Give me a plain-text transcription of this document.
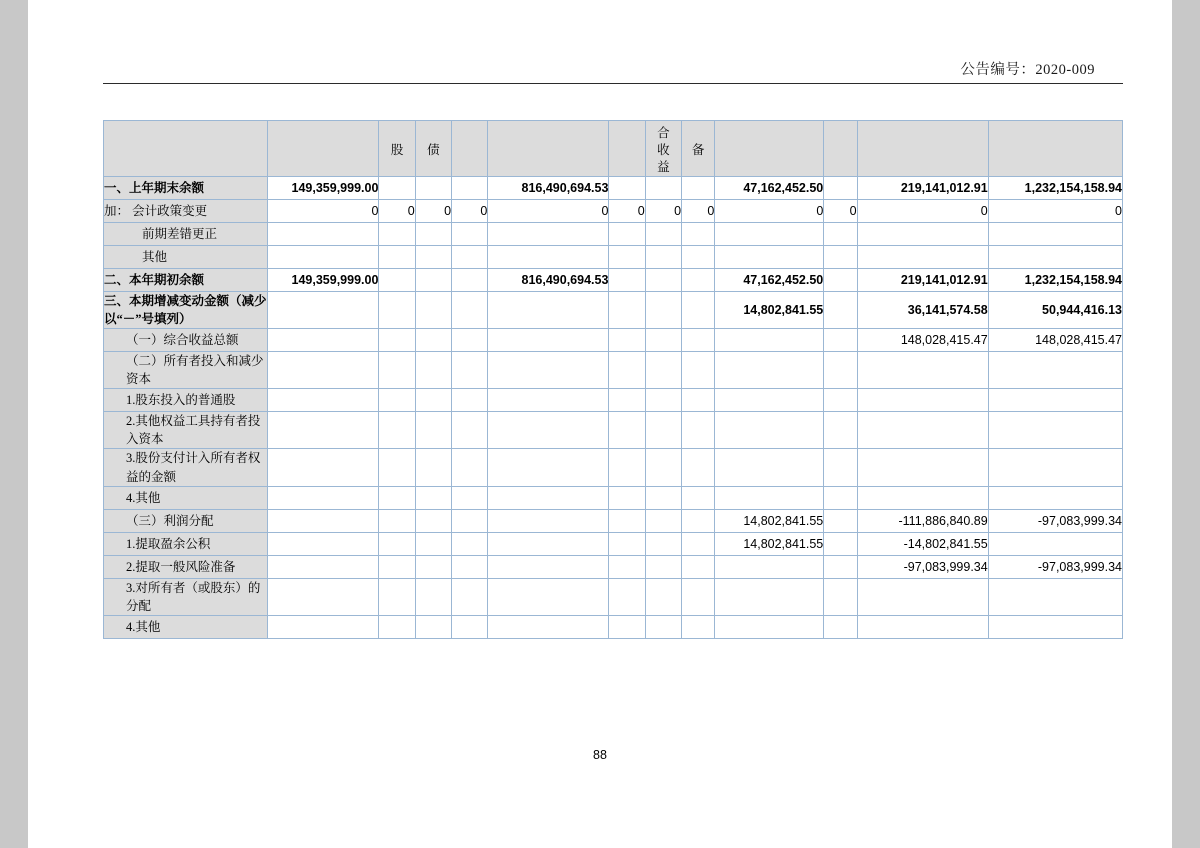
公告编号：2020-009

		股	债				合收益	备				

一、上年期末余额	149,359,999.00				816,490,694.53				47,162,452.50		219,141,012.91	1,232,154,158.94
加： 会计政策变更	0	0	0	0	0	0	0	0	0	0	0	0
前期差错更正												
其他												
二、本年期初余额	149,359,999.00				816,490,694.53				47,162,452.50		219,141,012.91	1,232,154,158.94
三、本期增减变动金额（减少以“－”号填列）									14,802,841.55		36,141,574.58	50,944,416.13
（一）综合收益总额											148,028,415.47	148,028,415.47
（二）所有者投入和减少资本												
1.股东投入的普通股												
2.其他权益工具持有者投入资本												
3.股份支付计入所有者权益的金额												
4.其他												
（三）利润分配									14,802,841.55		-111,886,840.89	-97,083,999.34
1.提取盈余公积									14,802,841.55		-14,802,841.55	
2.提取一般风险准备											-97,083,999.34	-97,083,999.34
3.对所有者（或股东）的分配												
4.其他												
88
